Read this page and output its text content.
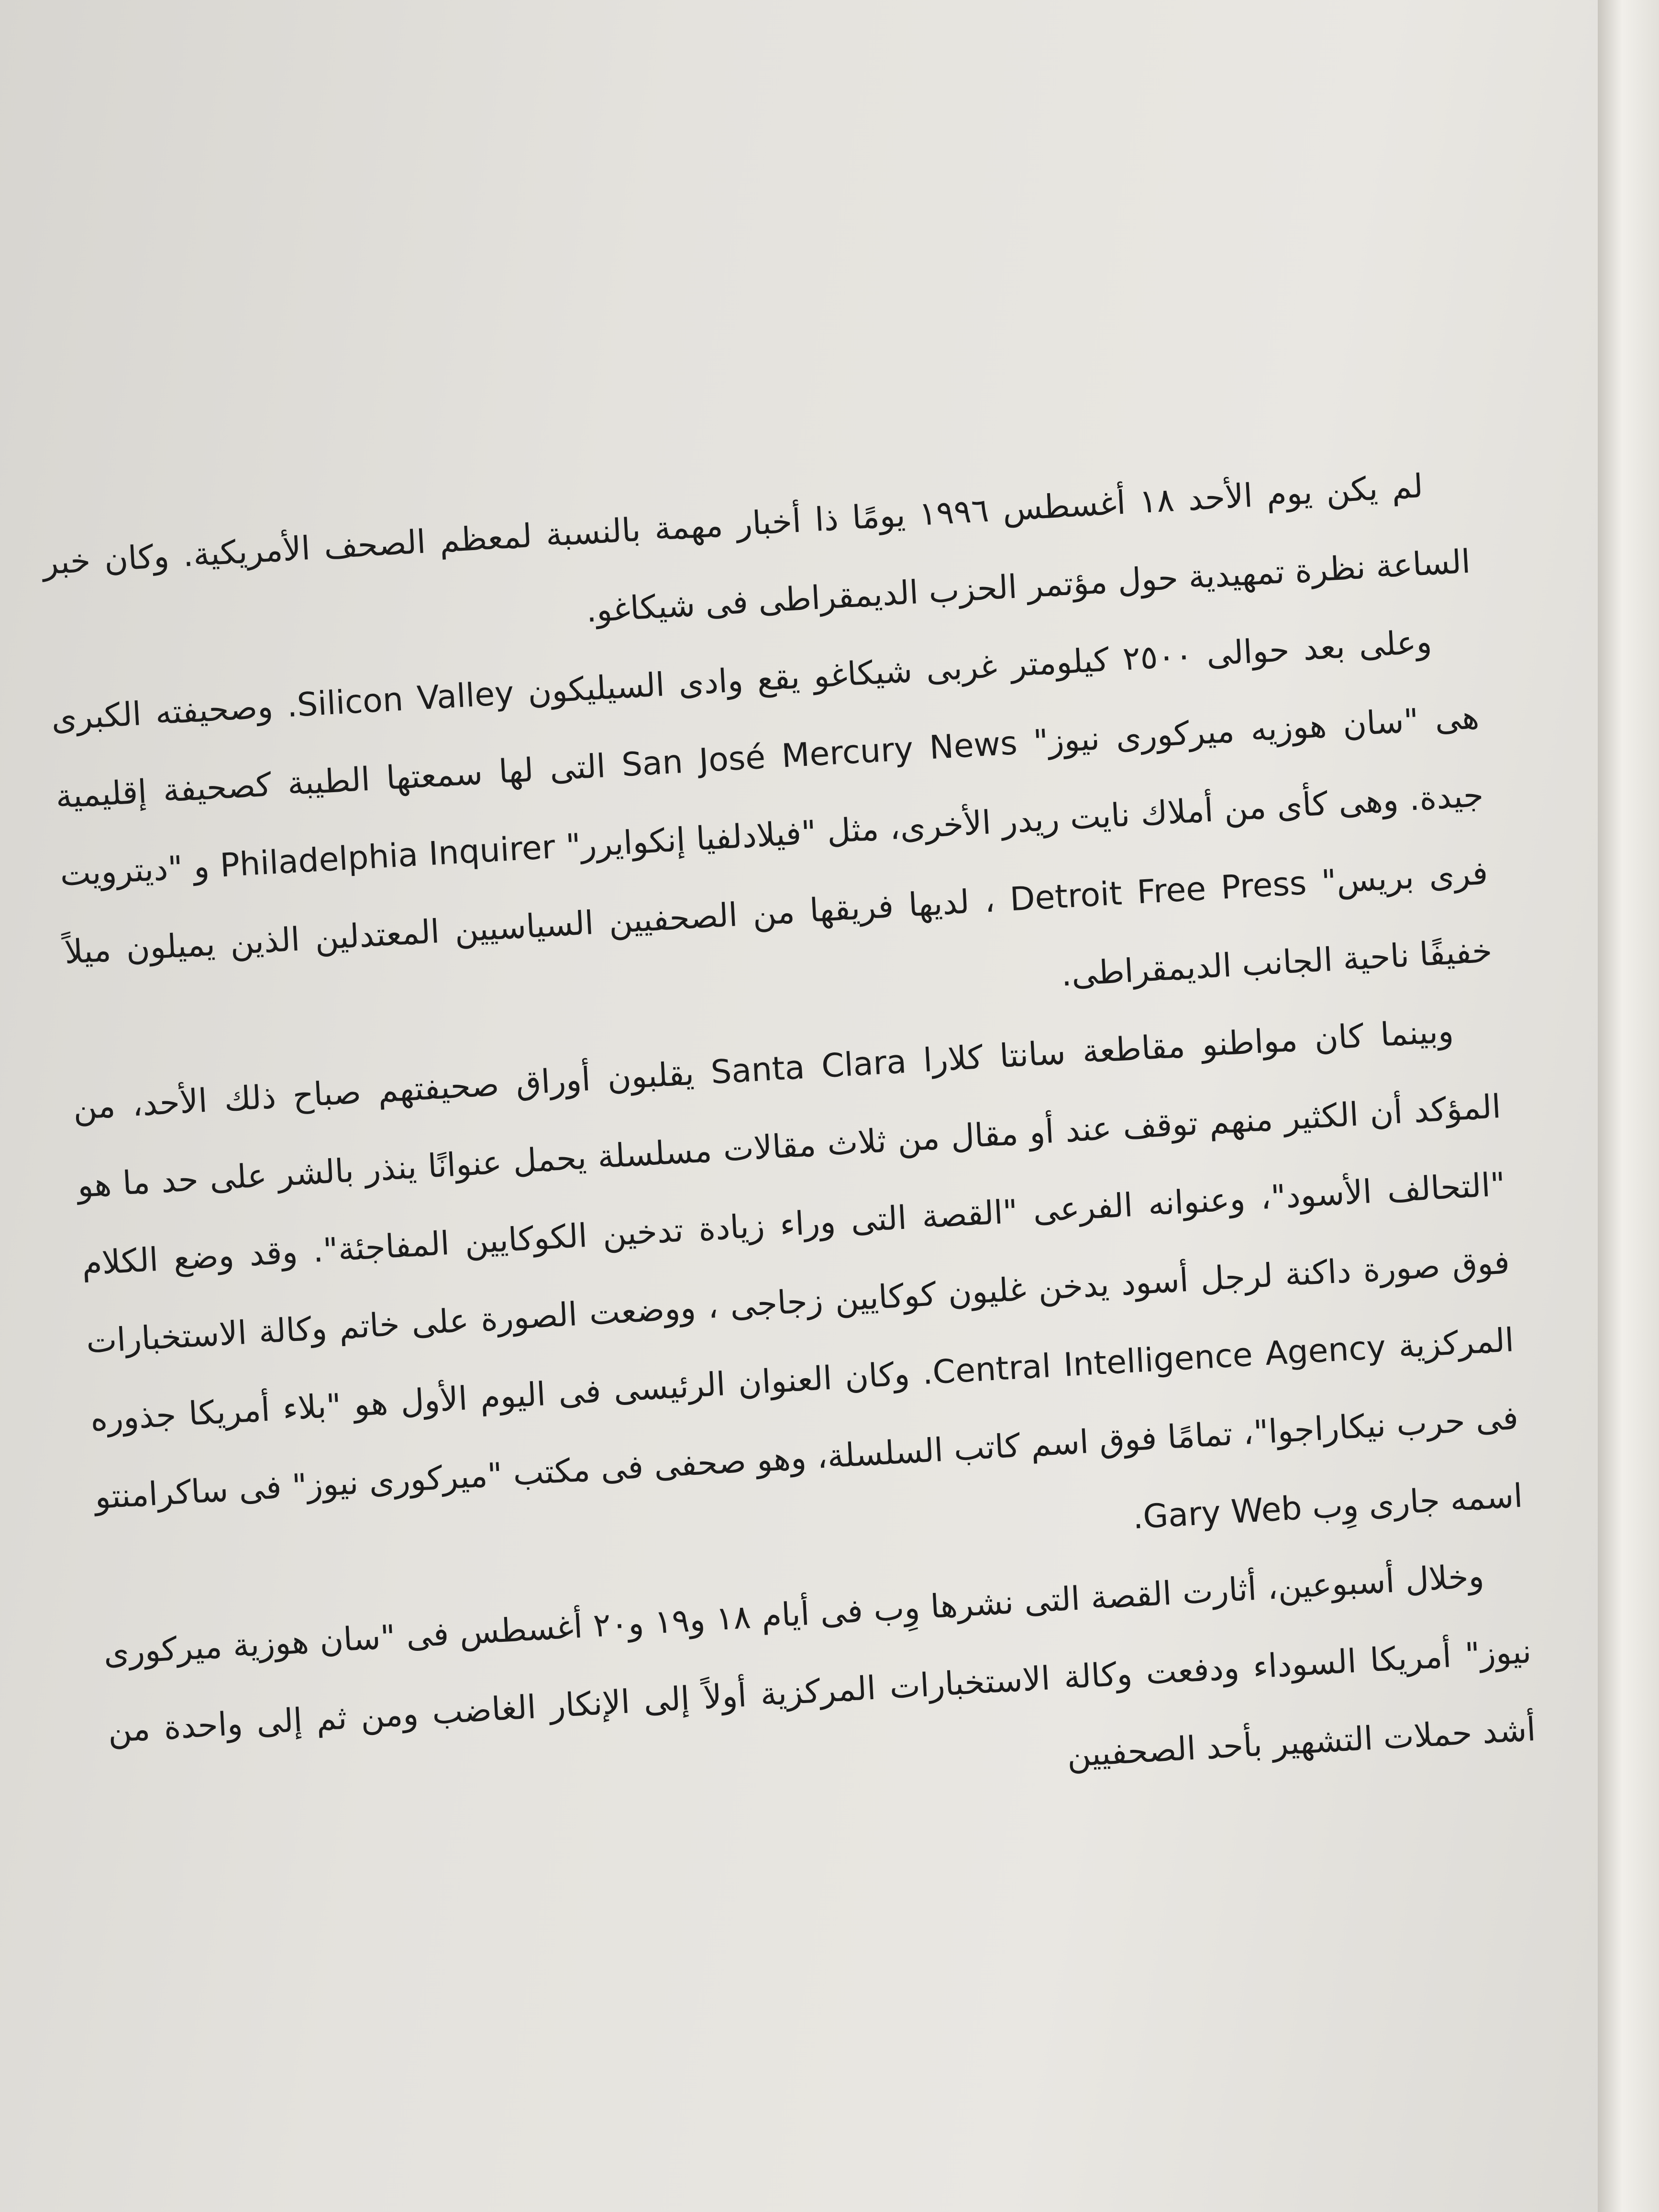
لم يكن يوم الأحد ١٨ أغسطس ١٩٩٦ يومًا ذا أخبار مهمة بالنسبة لمعظم الصحف الأمريكية. وكان خبر الساعة نظرة تمهيدية حول مؤتمر الحزب الديمقراطى فى شيكاغو.

وعلى بعد حوالى ٢٥٠٠ كيلومتر غربى شيكاغو يقع وادى السيليكون Silicon Valley. وصحيفته الكبرى هى "سان هوزيه ميركورى نيوز" San José Mercury News التى لها سمعتها الطيبة كصحيفة إقليمية جيدة. وهى كأى من أملاك نايت ريدر الأخرى، مثل "فيلادلفيا إنكوايرر" Philadelphia Inquirer و "ديترويت فرى بريس" Detroit Free Press ، لديها فريقها من الصحفيين السياسيين المعتدلين الذين يميلون ميلاً خفيفًا ناحية الجانب الديمقراطى.

وبينما كان مواطنو مقاطعة سانتا كلارا Santa Clara يقلبون أوراق صحيفتهم صباح ذلك الأحد، من المؤكد أن الكثير منهم توقف عند أو مقال من ثلاث مقالات مسلسلة يحمل عنوانًا ينذر بالشر على حد ما هو "التحالف الأسود"، وعنوانه الفرعى "القصة التى وراء زيادة تدخين الكوكايين المفاجئة". وقد وضع الكلام فوق صورة داكنة لرجل أسود يدخن غليون كوكايين زجاجى ، ووضعت الصورة على خاتم وكالة الاستخبارات المركزية Central Intelligence Agency. وكان العنوان الرئيسى فى اليوم الأول هو "بلاء أمريكا جذوره فى حرب نيكاراجوا"، تمامًا فوق اسم كاتب السلسلة، وهو صحفى فى مكتب "ميركورى نيوز" فى ساكرامنتو اسمه جارى وِب Gary Web.

وخلال أسبوعين، أثارت القصة التى نشرها وِب فى أيام ١٨ و١٩ و٢٠ أغسطس فى "سان هوزية ميركورى نيوز" أمريكا السوداء ودفعت وكالة الاستخبارات المركزية أولاً إلى الإنكار الغاضب ومن ثم إلى واحدة من أشد حملات التشهير بأحد الصحفيين
